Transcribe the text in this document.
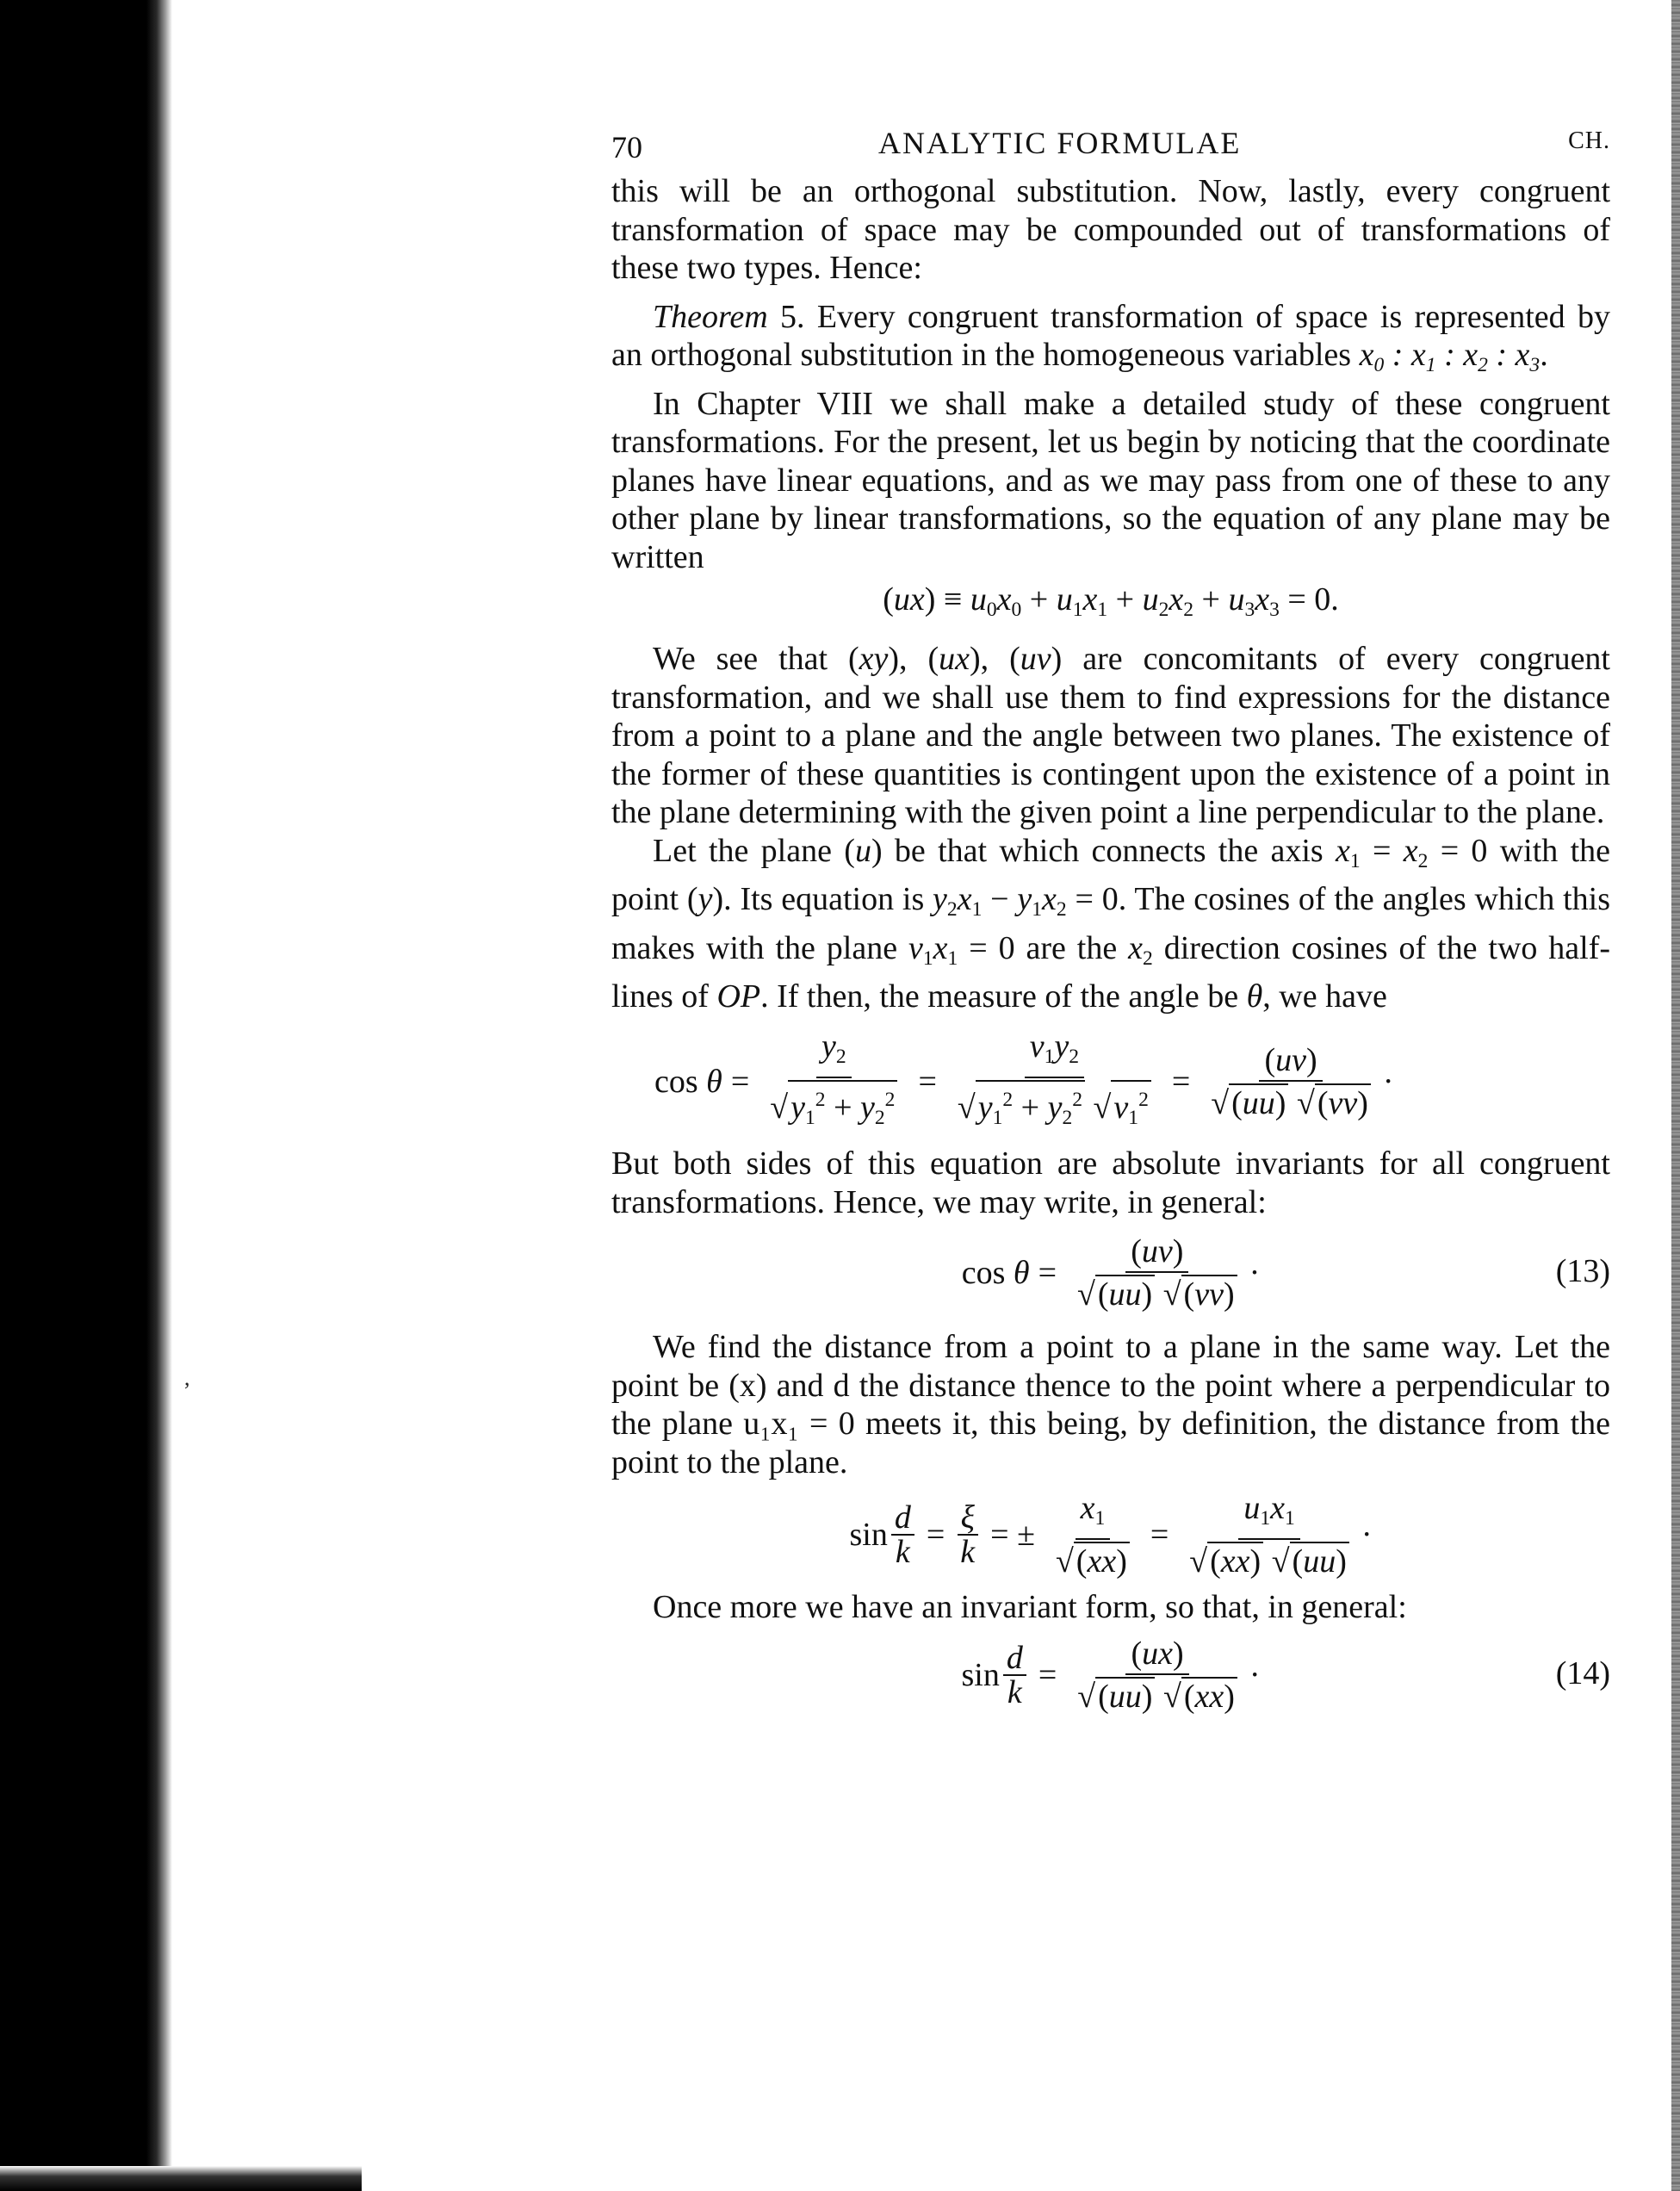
,
70	ANALYTIC FORMULAE	CH.

this will be an orthogonal substitution. Now, lastly, every congruent transformation of space may be compounded out of transformations of these two types. Hence:

Theorem 5. Every congruent transformation of space is represented by an orthogonal substitution in the homogeneous variables $x_0$ : $x_1$ : $x_2$ : $x_3$.

In Chapter VIII we shall make a detailed study of these congruent transformations. For the present, let us begin by noticing that the coordinate planes have linear equations, and as we may pass from one of these to any other plane by linear transformations, so the equation of any plane may be written

$(ux) \equiv u_0x_0 + u_1x_1 + u_2x_2 + u_3x_3 = 0$.

We see that (xy), (ux), (uv) are concomitants of every congruent transformation, and we shall use them to find expressions for the distance from a point to a plane and the angle between two planes. The existence of the former of these quantities is contingent upon the existence of a point in the plane determining with the given point a line perpendicular to the plane.

Let the plane (u) be that which connects the axis $x_1 = x_2 = 0$ with the point (y). Its equation is $y_2x_1 - y_1x_2 = 0$. The cosines of the angles which this makes with the plane $v_1x_1 = 0$ are the $x_2$ direction cosines of the two half-lines of OP. If then, the measure of the angle be θ, we have

$\cos \theta = \frac{y_2}{√y_1^2 + y_2^2} = \frac{v_1y_2}{√y_1^2 + y_2^2 √v_1^2} = \frac{(uv)}{√(uu) √(vv)}$ ·

But both sides of this equation are absolute invariants for all congruent transformations. Hence, we may write, in general:

$\cos \theta = \frac{(uv)}{√(uu) √(vv)}$ ·	(13)

We find the distance from a point to a plane in the same way. Let the point be (x) and d the distance thence to the point where a perpendicular to the plane u₁x₁ = 0 meets it, this being, by definition, the distance from the point to the plane.

$\sin \frac{d}{k} = \frac{\xi}{k}$ = ± $\frac{x_1}{√(xx)} = \frac{u_1x_1}{√(xx) √(uu)}$ ·

Once more we have an invariant form, so that, in general:

$\sin \frac{d}{k} = \frac{(ux)}{√(uu) √(xx)}$ ·	(14)
